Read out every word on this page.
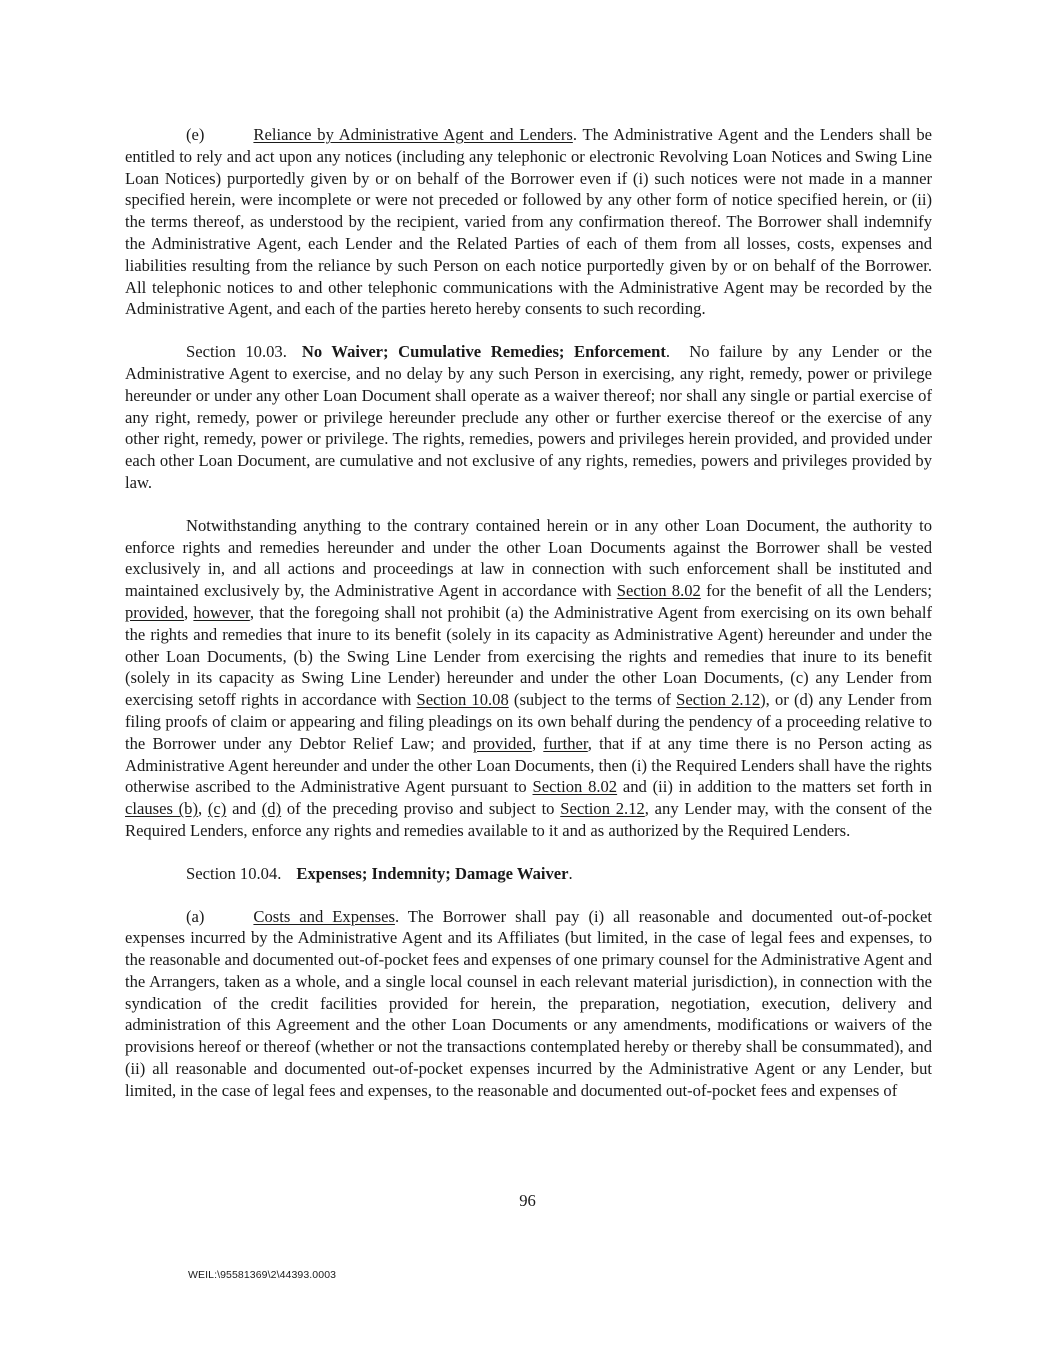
(e)	Reliance by Administrative Agent and Lenders. The Administrative Agent and the Lenders shall be entitled to rely and act upon any notices (including any telephonic or electronic Revolving Loan Notices and Swing Line Loan Notices) purportedly given by or on behalf of the Borrower even if (i) such notices were not made in a manner specified herein, were incomplete or were not preceded or followed by any other form of notice specified herein, or (ii) the terms thereof, as understood by the recipient, varied from any confirmation thereof. The Borrower shall indemnify the Administrative Agent, each Lender and the Related Parties of each of them from all losses, costs, expenses and liabilities resulting from the reliance by such Person on each notice purportedly given by or on behalf of the Borrower. All telephonic notices to and other telephonic communications with the Administrative Agent may be recorded by the Administrative Agent, and each of the parties hereto hereby consents to such recording.

Section 10.03. No Waiver; Cumulative Remedies; Enforcement. No failure by any Lender or the Administrative Agent to exercise, and no delay by any such Person in exercising, any right, remedy, power or privilege hereunder or under any other Loan Document shall operate as a waiver thereof; nor shall any single or partial exercise of any right, remedy, power or privilege hereunder preclude any other or further exercise thereof or the exercise of any other right, remedy, power or privilege. The rights, remedies, powers and privileges herein provided, and provided under each other Loan Document, are cumulative and not exclusive of any rights, remedies, powers and privileges provided by law.

Notwithstanding anything to the contrary contained herein or in any other Loan Document, the authority to enforce rights and remedies hereunder and under the other Loan Documents against the Borrower shall be vested exclusively in, and all actions and proceedings at law in connection with such enforcement shall be instituted and maintained exclusively by, the Administrative Agent in accordance with Section 8.02 for the benefit of all the Lenders; provided, however, that the foregoing shall not prohibit (a) the Administrative Agent from exercising on its own behalf the rights and remedies that inure to its benefit (solely in its capacity as Administrative Agent) hereunder and under the other Loan Documents, (b) the Swing Line Lender from exercising the rights and remedies that inure to its benefit (solely in its capacity as Swing Line Lender) hereunder and under the other Loan Documents, (c) any Lender from exercising setoff rights in accordance with Section 10.08 (subject to the terms of Section 2.12), or (d) any Lender from filing proofs of claim or appearing and filing pleadings on its own behalf during the pendency of a proceeding relative to the Borrower under any Debtor Relief Law; and provided, further, that if at any time there is no Person acting as Administrative Agent hereunder and under the other Loan Documents, then (i) the Required Lenders shall have the rights otherwise ascribed to the Administrative Agent pursuant to Section 8.02 and (ii) in addition to the matters set forth in clauses (b), (c) and (d) of the preceding proviso and subject to Section 2.12, any Lender may, with the consent of the Required Lenders, enforce any rights and remedies available to it and as authorized by the Required Lenders.

Section 10.04. Expenses; Indemnity; Damage Waiver.

(a)	Costs and Expenses. The Borrower shall pay (i) all reasonable and documented out-of-pocket expenses incurred by the Administrative Agent and its Affiliates (but limited, in the case of legal fees and expenses, to the reasonable and documented out-of-pocket fees and expenses of one primary counsel for the Administrative Agent and the Arrangers, taken as a whole, and a single local counsel in each relevant material jurisdiction), in connection with the syndication of the credit facilities provided for herein, the preparation, negotiation, execution, delivery and administration of this Agreement and the other Loan Documents or any amendments, modifications or waivers of the provisions hereof or thereof (whether or not the transactions contemplated hereby or thereby shall be consummated), and (ii) all reasonable and documented out-of-pocket expenses incurred by the Administrative Agent or any Lender, but limited, in the case of legal fees and expenses, to the reasonable and documented out-of-pocket fees and expenses of

96
WEIL:\95581369\2\44393.0003
